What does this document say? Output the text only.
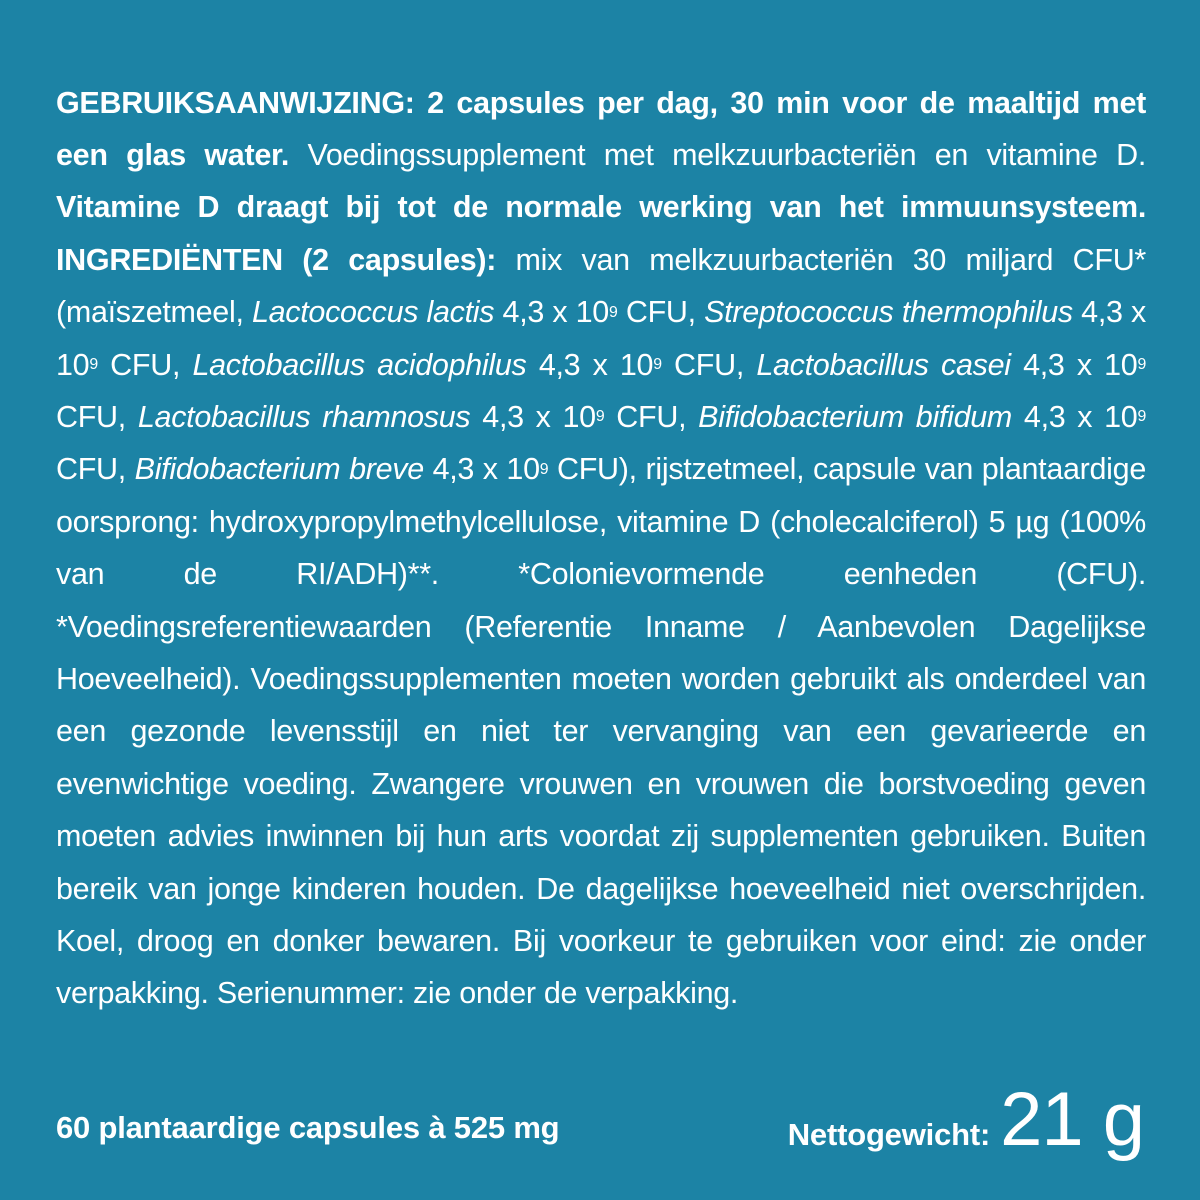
GEBRUIKSAANWIJZING: 2 capsules per dag, 30 min voor de maaltijd met een glas water. Voedingssupplement met melkzuurbacteriën en vitamine D. Vitamine D draagt bij tot de normale werking van het immuunsysteem. INGREDIËNTEN (2 capsules): mix van melkzuurbacteriën 30 miljard CFU* (maïszetmeel, Lactococcus lactis 4,3 x $10^9$ CFU, Streptococcus thermophilus 4,3 x $10^9$ CFU, Lactobacillus acidophilus 4,3 x $10^9$ CFU, Lactobacillus casei 4,3 x $10^9$ CFU, Lactobacillus rhamnosus 4,3 x $10^9$ CFU, Bifidobacterium bifidum 4,3 x $10^9$ CFU, Bifidobacterium breve 4,3 x $10^9$ CFU), rijstzetmeel, capsule van plantaardige oorsprong: hydroxypropylmethylcellulose, vitamine D (cholecalciferol) 5 µg (100% van de RI/ADH)**. *Colonievormende eenheden (CFU). *Voedingsreferentiewaarden (Referentie Inname / Aanbevolen Dagelijkse Hoeveelheid). Voedingssupplementen moeten worden gebruikt als onderdeel van een gezonde levensstijl en niet ter vervanging van een gevarieerde en evenwichtige voeding. Zwangere vrouwen en vrouwen die borstvoeding geven moeten advies inwinnen bij hun arts voordat zij supplementen gebruiken. Buiten bereik van jonge kinderen houden. De dagelijkse hoeveelheid niet overschrijden. Koel, droog en donker bewaren. Bij voorkeur te gebruiken voor eind: zie onder verpakking. Serienummer: zie onder de verpakking.

60 plantaardige capsules à 525 mg	Nettogewicht: 21 g
